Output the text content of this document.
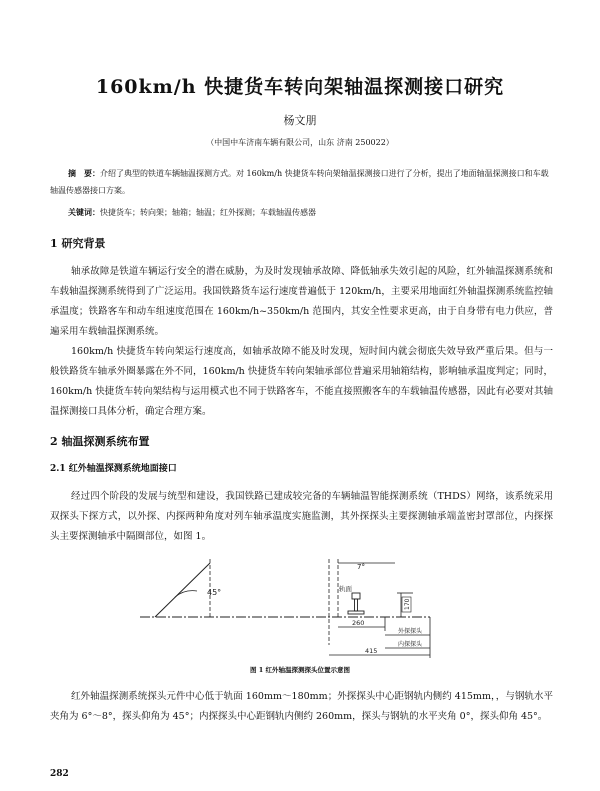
160km/h 快捷货车转向架轴温探测接口研究
杨文朋
（中国中车济南车辆有限公司，山东 济南 250022）
摘　要：介绍了典型的铁道车辆轴温探测方式。对 160km/h 快捷货车转向架轴温探测接口进行了分析，提出了地面轴温探测接口和车载轴温传感器接口方案。
关键词：快捷货车；转向架；轴箱；轴温；红外探测；车载轴温传感器
1 研究背景
轴承故障是铁道车辆运行安全的潜在威胁，为及时发现轴承故障、降低轴承失效引起的风险，红外轴温探测系统和车载轴温探测系统得到了广泛运用。我国铁路货车运行速度普遍低于 120km/h，主要采用地面红外轴温探测系统监控轴承温度；铁路客车和动车组速度范围在 160km/h~350km/h 范围内，其安全性要求更高，由于自身带有电力供应，普遍采用车载轴温探测系统。
160km/h 快捷货车转向架运行速度高，如轴承故障不能及时发现，短时间内就会彻底失效导致严重后果。但与一般铁路货车轴承外圈暴露在外不同，160km/h 快捷货车转向架轴承部位普遍采用轴箱结构，影响轴承温度判定；同时，160km/h 快捷货车转向架结构与运用模式也不同于铁路客车，不能直接照搬客车的车载轴温传感器，因此有必要对其轴温探测接口具体分析，确定合理方案。
2 轴温探测系统布置
2.1 红外轴温探测系统地面接口
经过四个阶段的发展与统型和建设，我国铁路已建成较完备的车辆轴温智能探测系统（THDS）网络，该系统采用双探头下探方式，以外探、内探两种角度对列车轴承温度实施监测，其外探探头主要探测轴承端盖密封罩部位，内探探头主要探测轴承中隔圈部位，如图 1。
45°
7°
轨面
170
260
外探探头
内探探头
415
图 1 红外轴温探测探头位置示意图
红外轴温探测系统探头元件中心低于轨面 160mm～180mm；外探探头中心距钢轨内侧约 415mm，，与钢轨水平夹角为 6°～8°，探头仰角为 45°；内探探头中心距钢轨内侧约 260mm，探头与钢轨的水平夹角 0°，探头仰角 45°。
282
